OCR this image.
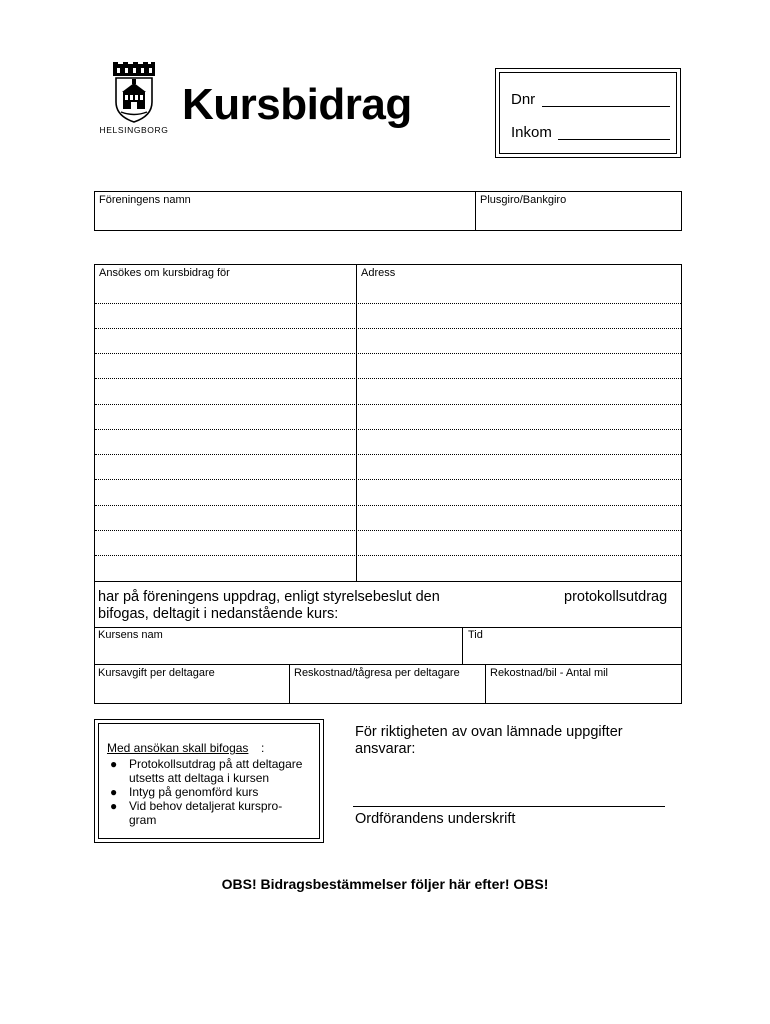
HELSINGBORG
Kursbidrag	Dnr
Inkom
Föreningens namn	Plusgiro/Bankgiro
Ansökes om kursbidrag för	Adress
har på föreningens uppdrag, enligt styrelsebeslut den
bifogas, deltagit i nedanstående kurs:
protokollsutdrag
Kursens nam	Tid
Kursavgift per deltagare	Reskostnad/tågresa per deltagare	Rekostnad/bil - Antal mil
Med ansökan skall bifogas :
● Protokollsutdrag på att deltagare utsetts att deltaga i kursen
● Intyg på genomförd kurs
● Vid behov detaljerat kurspro-gram
För riktigheten av ovan lämnade uppgifter
ansvarar:
Ordförandens underskrift
OBS! Bidragsbestämmelser följer här efter! OBS!
